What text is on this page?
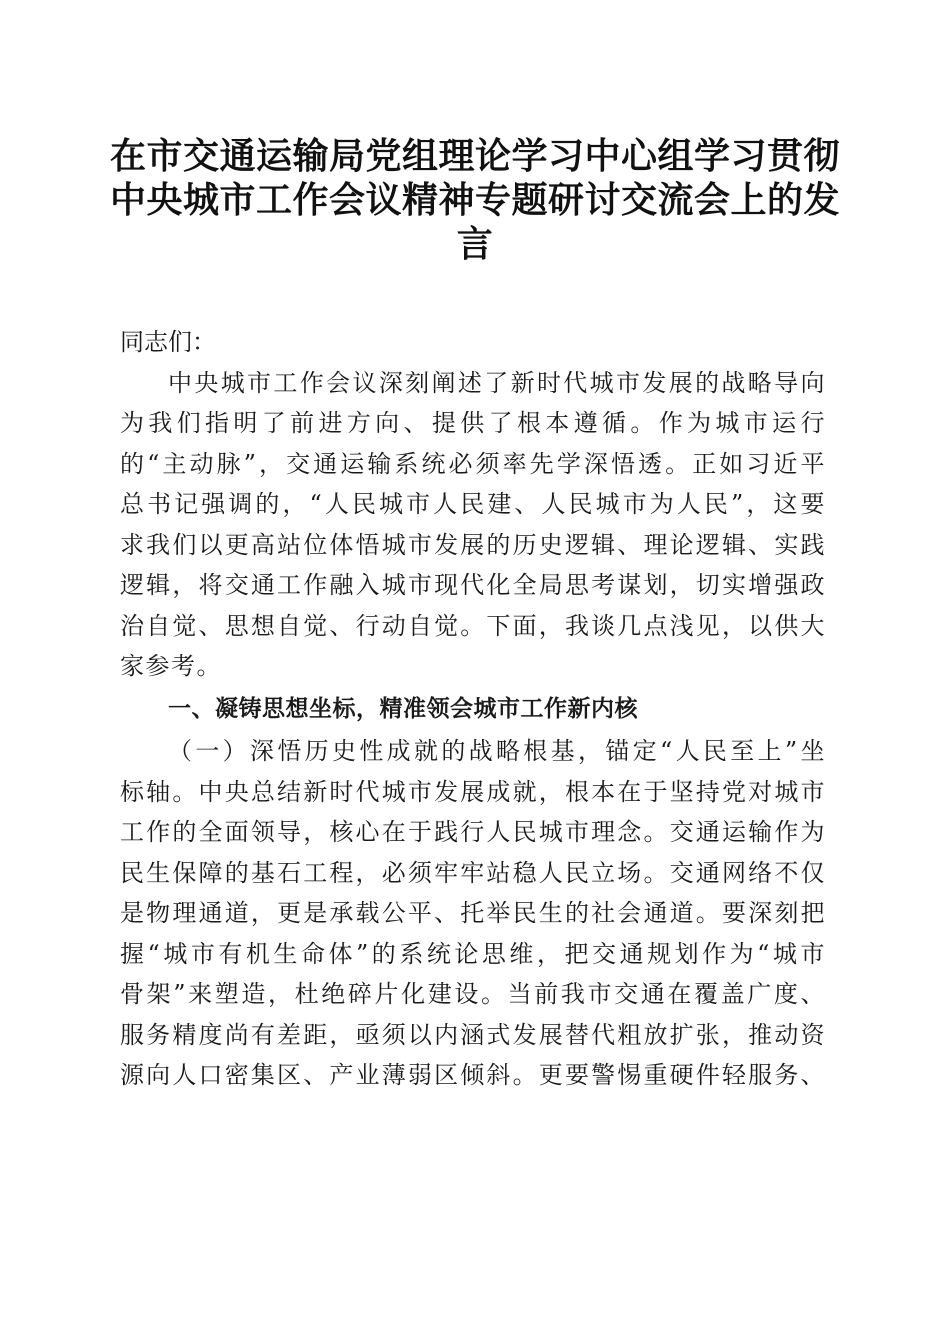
在市交通运输局党组理论学习中心组学习贯彻
中央城市工作会议精神专题研讨交流会上的发
言

同志们：

中央城市工作会议深刻阐述了新时代城市发展的战略导向
为我们指明了前进方向、提供了根本遵循。作为城市运行
的“主动脉”，交通运输系统必须率先学深悟透。正如习近平
总书记强调的，“人民城市人民建、人民城市为人民”，这要
求我们以更高站位体悟城市发展的历史逻辑、理论逻辑、实践
逻辑，将交通工作融入城市现代化全局思考谋划，切实增强政
治自觉、思想自觉、行动自觉。下面，我谈几点浅见，以供大
家参考。

一、凝铸思想坐标，精准领会城市工作新内核

（一）深悟历史性成就的战略根基，锚定“人民至上”坐
标轴。中央总结新时代城市发展成就，根本在于坚持党对城市
工作的全面领导，核心在于践行人民城市理念。交通运输作为
民生保障的基石工程，必须牢牢站稳人民立场。交通网络不仅
是物理通道，更是承载公平、托举民生的社会通道。要深刻把
握“城市有机生命体”的系统论思维，把交通规划作为“城市
骨架”来塑造，杜绝碎片化建设。当前我市交通在覆盖广度、
服务精度尚有差距，亟须以内涵式发展替代粗放扩张，推动资
源向人口密集区、产业薄弱区倾斜。更要警惕重硬件轻服务、
